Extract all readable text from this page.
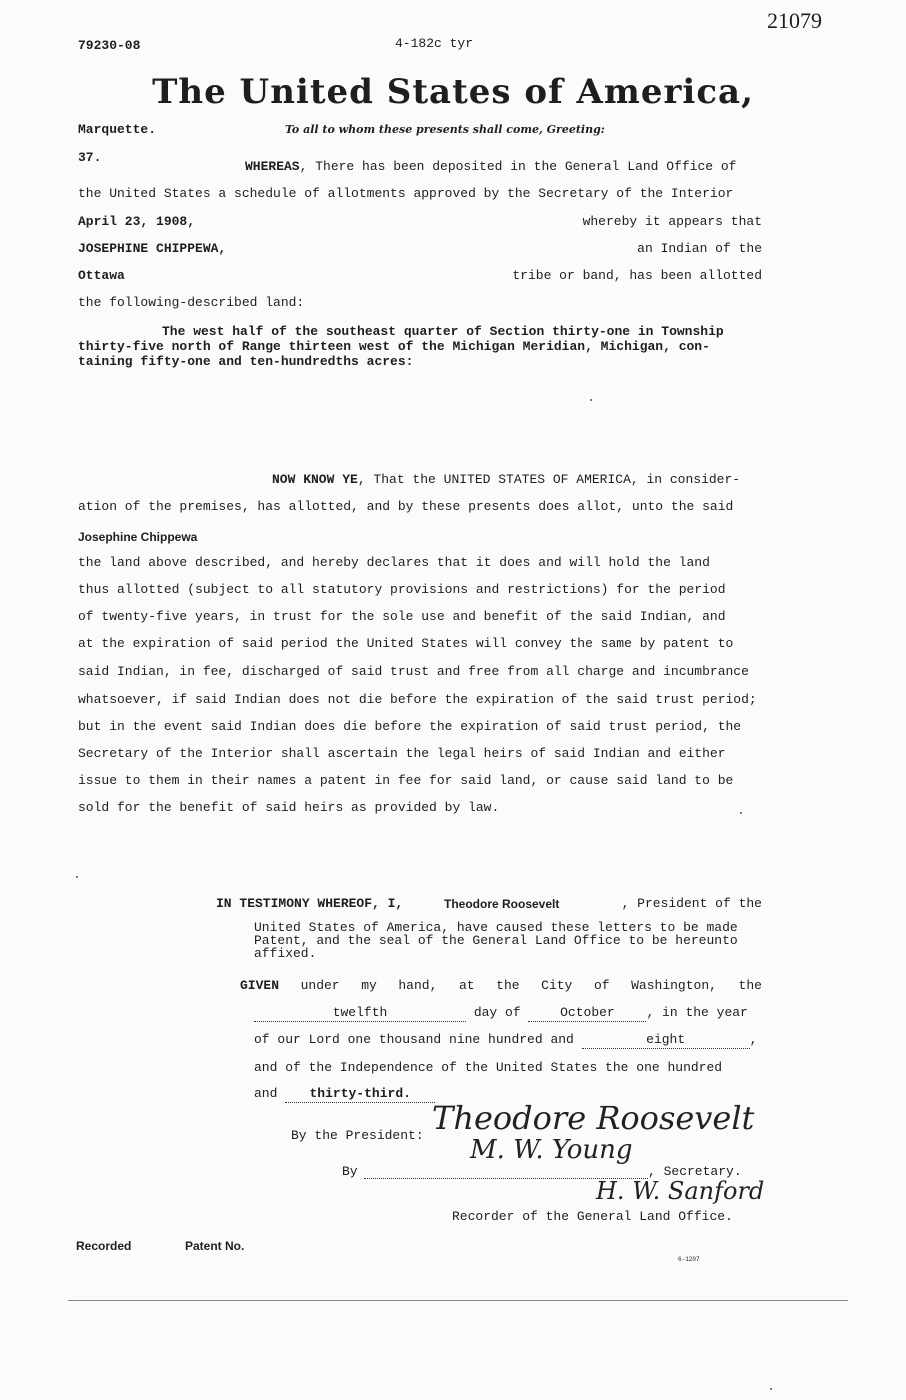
21079
79230-08	4-182c tyr
The United States of America,
Marquette.	To all to whom these presents shall come, Greeting:
37.
WHEREAS, There has been deposited in the General Land Office of
the United States a schedule of allotments approved by the Secretary of the Interior
April 23, 1908,	whereby it appears that
JOSEPHINE CHIPPEWA,	an Indian of the
Ottawa	tribe or band, has been allotted
the following-described land:
The west half of the southeast quarter of Section thirty-one in Township
thirty-five north of Range thirteen west of the Michigan Meridian, Michigan, con-
taining fifty-one and ten-hundredths acres:
NOW KNOW YE, That the UNITED STATES OF AMERICA, in consider-
ation of the premises, has allotted, and by these presents does allot, unto the said
Josephine Chippewa
the land above described, and hereby declares that it does and will hold the land
thus allotted (subject to all statutory provisions and restrictions) for the period
of twenty-five years, in trust for the sole use and benefit of the said Indian, and
at the expiration of said period the United States will convey the same by patent to
said Indian, in fee, discharged of said trust and free from all charge and incumbrance
whatsoever, if said Indian does not die before the expiration of the said trust period;
but in the event said Indian does die before the expiration of said trust period, the
Secretary of the Interior shall ascertain the legal heirs of said Indian and either
issue to them in their names a patent in fee for said land, or cause said land to be
sold for the benefit of said heirs as provided by law.
IN TESTIMONY WHEREOF, I,	Theodore Roosevelt	, President of the
United States of America, have caused these letters to be made
Patent, and the seal of the General Land Office to be hereunto
affixed.
GIVEN under my hand, at the City of Washington, the
twelfth	day of	October , in the year
of our Lord one thousand nine hundred and	eight	,
and of the Independence of the United States the one hundred
and thirty-third.
By the President: Theodore Roosevelt
By
M. W. Young
, Secretary.
H. W. Sanford
Recorder of the General Land Office.
Recorded	Patent No.
6-1207
